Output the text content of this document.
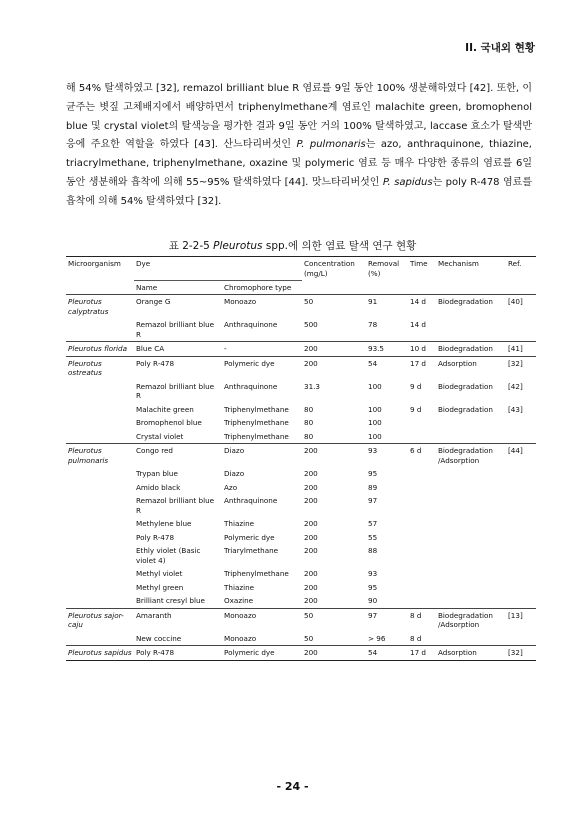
II. 국내외 현황
해 54% 탈색하였고 [32], remazol brilliant blue R 염료를 9일 동안 100% 생분해하였다 [42]. 또한, 이 균주는 볏짚 고체배지에서 배양하면서 triphenylmethane계 염료인 malachite green, bromophenol blue 및 crystal violet의 탈색능을 평가한 결과 9일 동안 거의 100% 탈색하였고, laccase 효소가 탈색반응에 주요한 역할을 하였다 [43]. 산느타리버섯인 P. pulmonaris는 azo, anthraquinone, thiazine, triacrylmethane, triphenylmethane, oxazine 및 polymeric 염료 등 매우 다양한 종류의 염료를 6일 동안 생분해와 흡착에 의해 55~95% 탈색하였다 [44]. 맛느타리버섯인 P. sapidus는 poly R-478 염료를 흡착에 의해 54% 탈색하였다 [32].
표 2-2-5 Pleurotus spp.에 의한 염료 탈색 연구 현황
Microorganism	Dye		Concentration (mg/L)	Removal (%)	Time	Mechanism	Ref.
	Name	Chromophore type					
Pleurotus calyptratus	Orange G	Monoazo	50	91	14 d	Biodegradation	[40]
	Remazol brilliant blue R	Anthraquinone	500	78	14 d		
Pleurotus florida	Blue CA	-	200	93.5	10 d	Biodegradation	[41]
Pleurotus ostreatus	Poly R-478	Polymeric dye	200	54	17 d	Adsorption	[32]
	Remazol brilliant blue R	Anthraquinone	31.3	100	9 d	Biodegradation	[42]
	Malachite green	Triphenylmethane	80	100	9 d	Biodegradation	[43]
	Bromophenol blue	Triphenylmethane	80	100			
	Crystal violet	Triphenylmethane	80	100			
Pleurotus pulmonaris	Congo red	Diazo	200	93	6 d	Biodegradation /Adsorption	[44]
	Trypan blue	Diazo	200	95			
	Amido black	Azo	200	89			
	Remazol brilliant blue R	Anthraquinone	200	97			
	Methylene blue	Thiazine	200	57			
	Poly R-478	Polymeric dye	200	55			
	Ethly violet (Basic violet 4)	Triarylmethane	200	88			
	Methyl violet	Triphenylmethane	200	93			
	Methyl green	Thiazine	200	95			
	Brilliant cresyl blue	Oxazine	200	90			
Pleurotus sajor-caju	Amaranth	Monoazo	50	97	8 d	Biodegradation /Adsorption	[13]
	New coccine	Monoazo	50	> 96	8 d		
Pleurotus sapidus	Poly R-478	Polymeric dye	200	54	17 d	Adsorption	[32]
- 24 -
